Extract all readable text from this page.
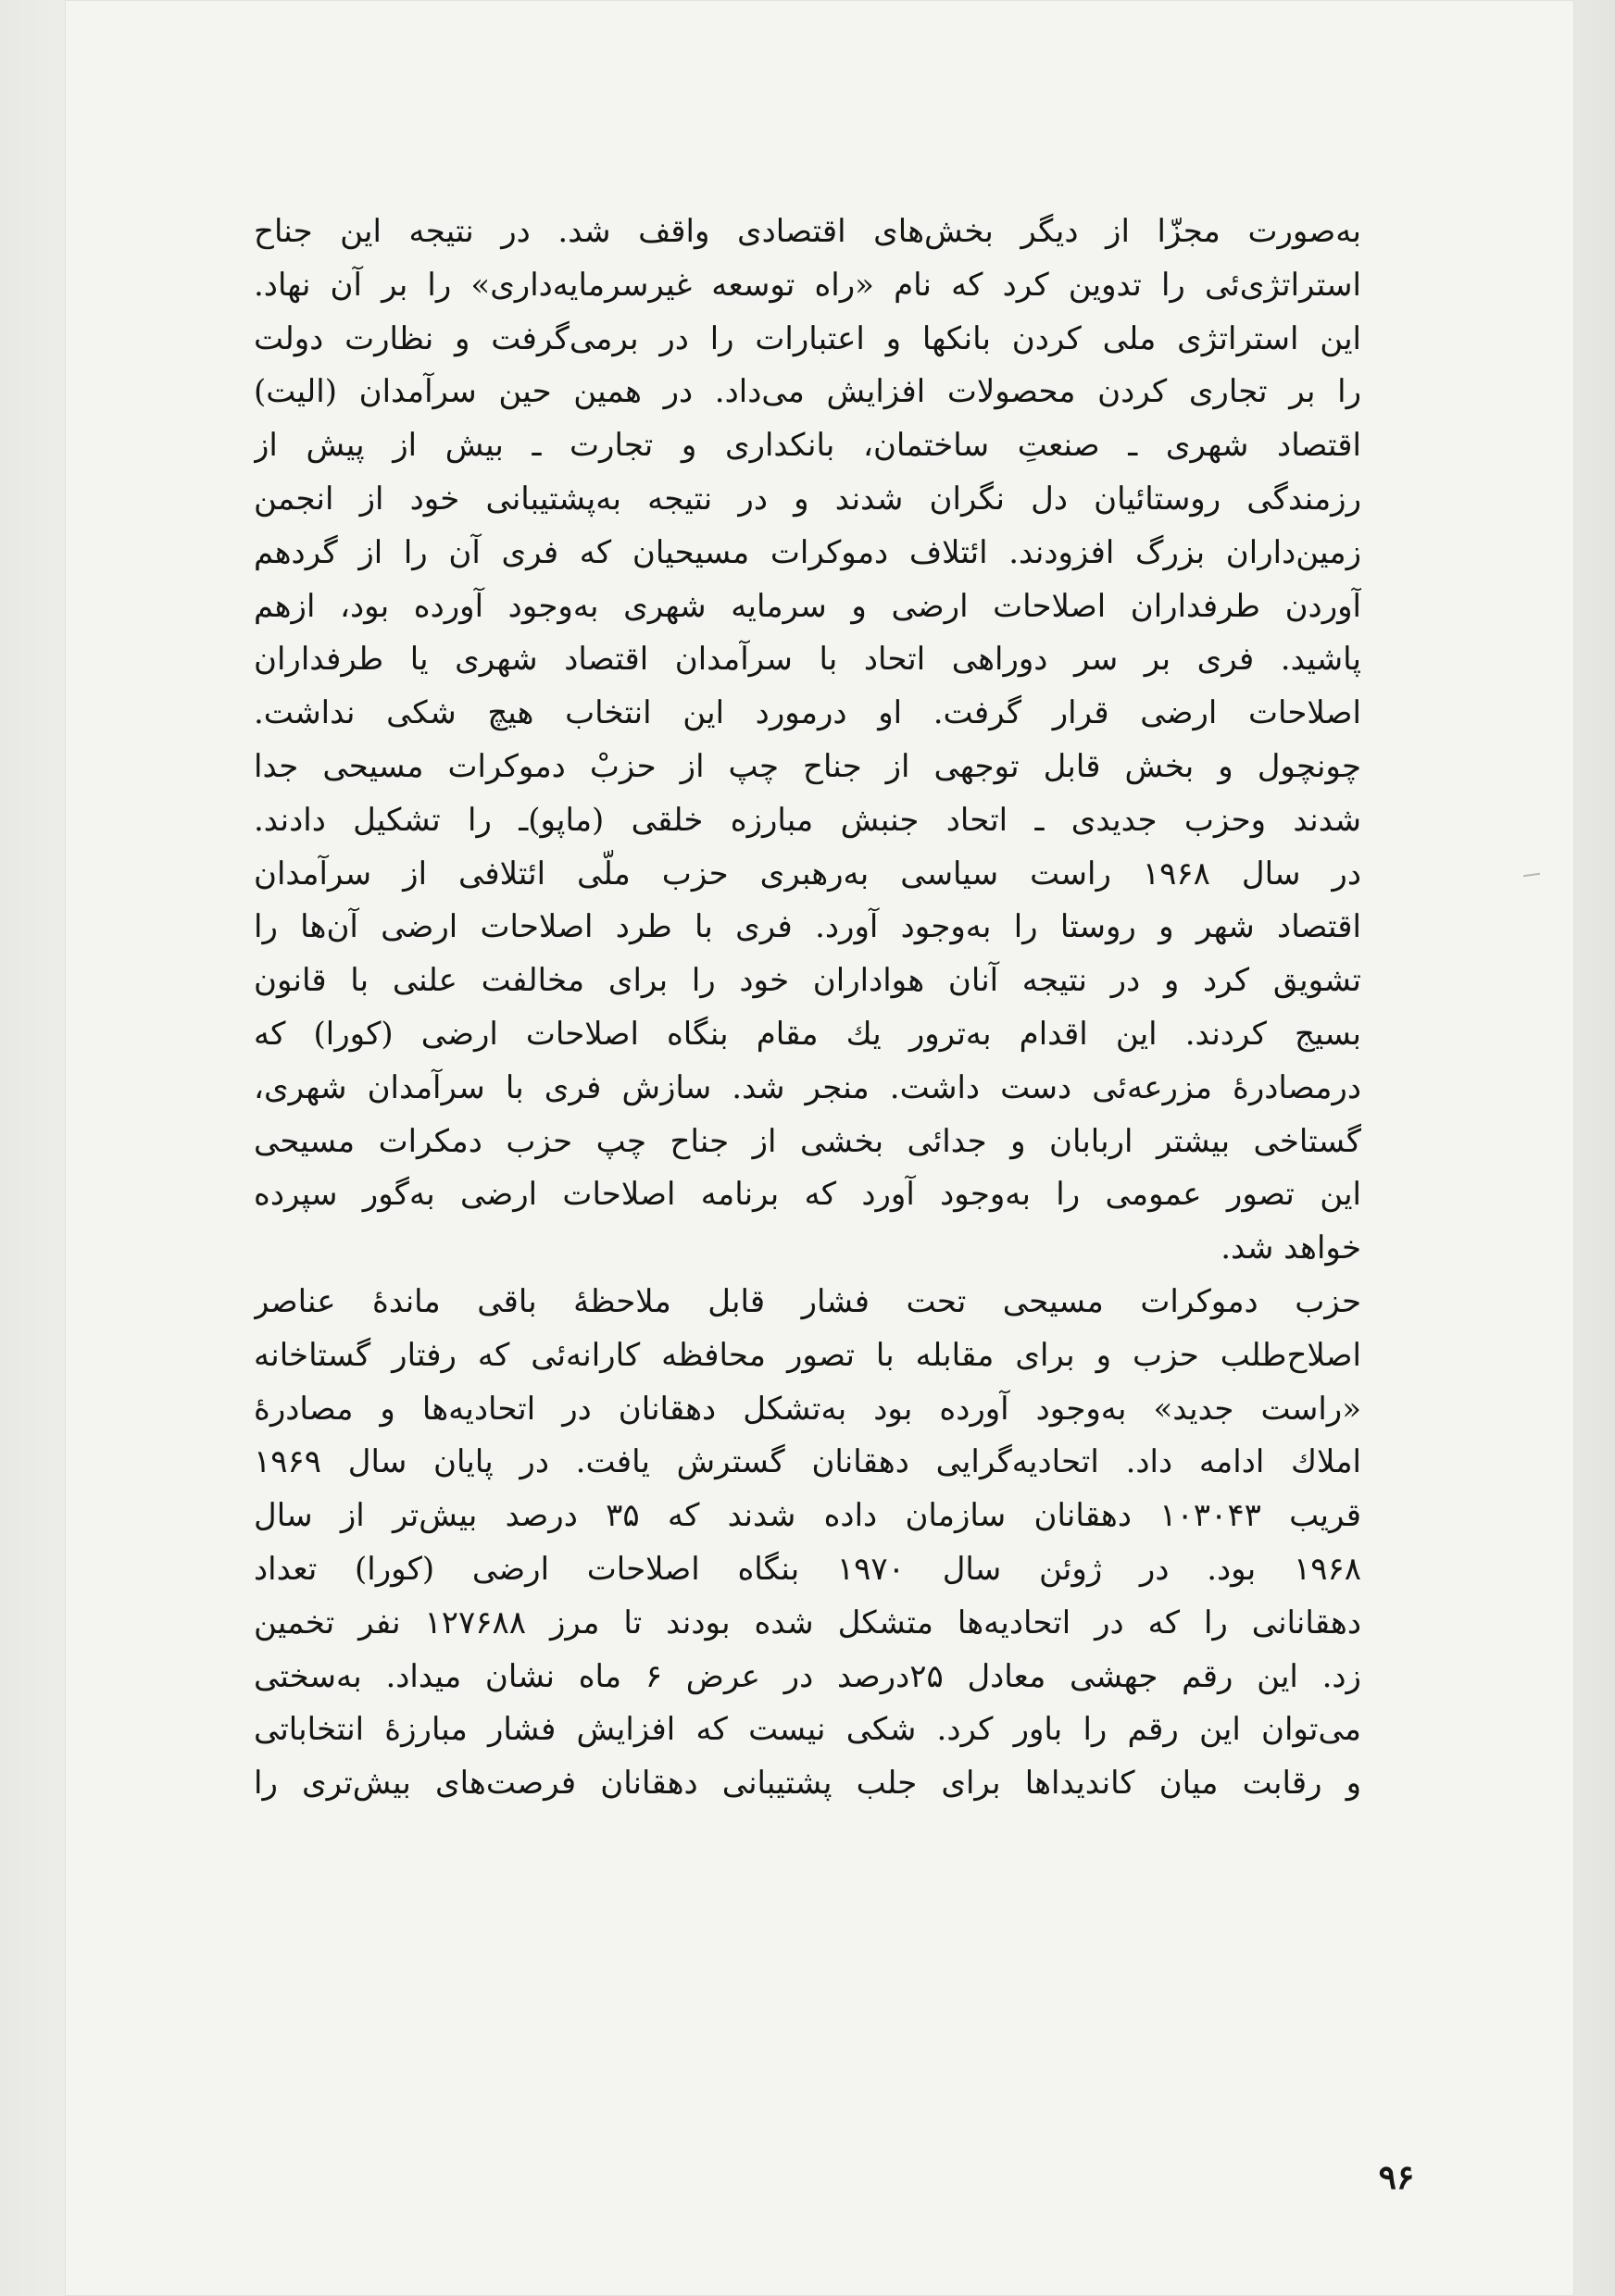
به‌صورت مجزّا از دیگر بخش‌های اقتصادی واقف شد. در نتیجه این جناح
استراتژی‌ئی را تدوین کرد که نام «راه توسعه غیرسرمایه‌داری» را بر آن نهاد.
این استراتژی ملی کردن بانکها و اعتبارات را در برمی‌گرفت و نظارت دولت
را بر تجاری کردن محصولات افزایش می‌داد. در همین حین سرآمدان (الیت)
اقتصاد شهری ـ صنعتِ ساختمان، بانکداری و تجارت ـ بیش از پیش از
رزمندگی روستائیان دل نگران شدند و در نتیجه به‌پشتیبانی خود از انجمن
زمین‌داران بزرگ افزودند. ائتلاف دموکرات مسیحیان که فری آن را از گردهم
آوردن طرفداران اصلاحات ارضی و سرمایه شهری به‌وجود آورده بود، ازهم
پاشید. فری بر سر دوراهی اتحاد با سرآمدان اقتصاد شهری یا طرفداران
اصلاحات ارضی قرار گرفت. او درمورد این انتخاب هیچ شکی نداشت.
چونچول و بخش قابل توجهی از جناح چپ از حزبْ دموکرات مسیحی جدا
شدند وحزب جدیدی ـ اتحاد جنبش مبارزه خلقی (ماپو)ـ را تشکیل دادند.
در سال ۱۹۶۸ راست سیاسی به‌رهبری حزب ملّی ائتلافی از سرآمدان
اقتصاد شهر و روستا را به‌وجود آورد. فری با طرد اصلاحات ارضی آن‌ها را
تشویق کرد و در نتیجه آنان هواداران خود را برای مخالفت علنی با قانون
بسیج کردند. این اقدام به‌ترور یك مقام بنگاه اصلاحات ارضی (کورا) که
درمصادرهٔ مزرعه‌ئی دست داشت. منجر شد. سازش فری با سرآمدان شهری،
گستاخی بیشتر اربابان و جدائی بخشی از جناح چپ حزب دمکرات مسیحی
این تصور عمومی را به‌وجود آورد که برنامه اصلاحات ارضی به‌گور سپرده
خواهد شد.
حزب دموکرات مسیحی تحت فشار قابل ملاحظهٔ باقی ماندهٔ عناصر
اصلاح‌طلب حزب و برای مقابله با تصور محافظه کارانه‌ئی که رفتار گستاخانه
«راست جدید» به‌وجود آورده بود به‌تشکل دهقانان در اتحادیه‌ها و مصادرهٔ
املاك ادامه داد. اتحادیه‌گرایی دهقانان گسترش یافت. در پایان سال ۱۹۶۹
قریب ۱۰۳۰۴۳ دهقانان سازمان داده شدند که ۳۵ درصد بیش‌تر از سال
۱۹۶۸ بود. در ژوئن سال ۱۹۷۰ بنگاه اصلاحات ارضی (کورا) تعداد
دهقانانی را که در اتحادیه‌ها متشکل شده بودند تا مرز ۱۲۷۶۸۸ نفر تخمین
زد. این رقم جهشی معادل ۲۵درصد در عرض ۶ ماه نشان میداد. به‌سختی
می‌توان این رقم را باور کرد. شکی نیست که افزایش فشار مبارزهٔ انتخاباتی
و رقابت میان کاندیداها برای جلب پشتیبانی دهقانان فرصت‌های بیش‌تری را
۹۶
